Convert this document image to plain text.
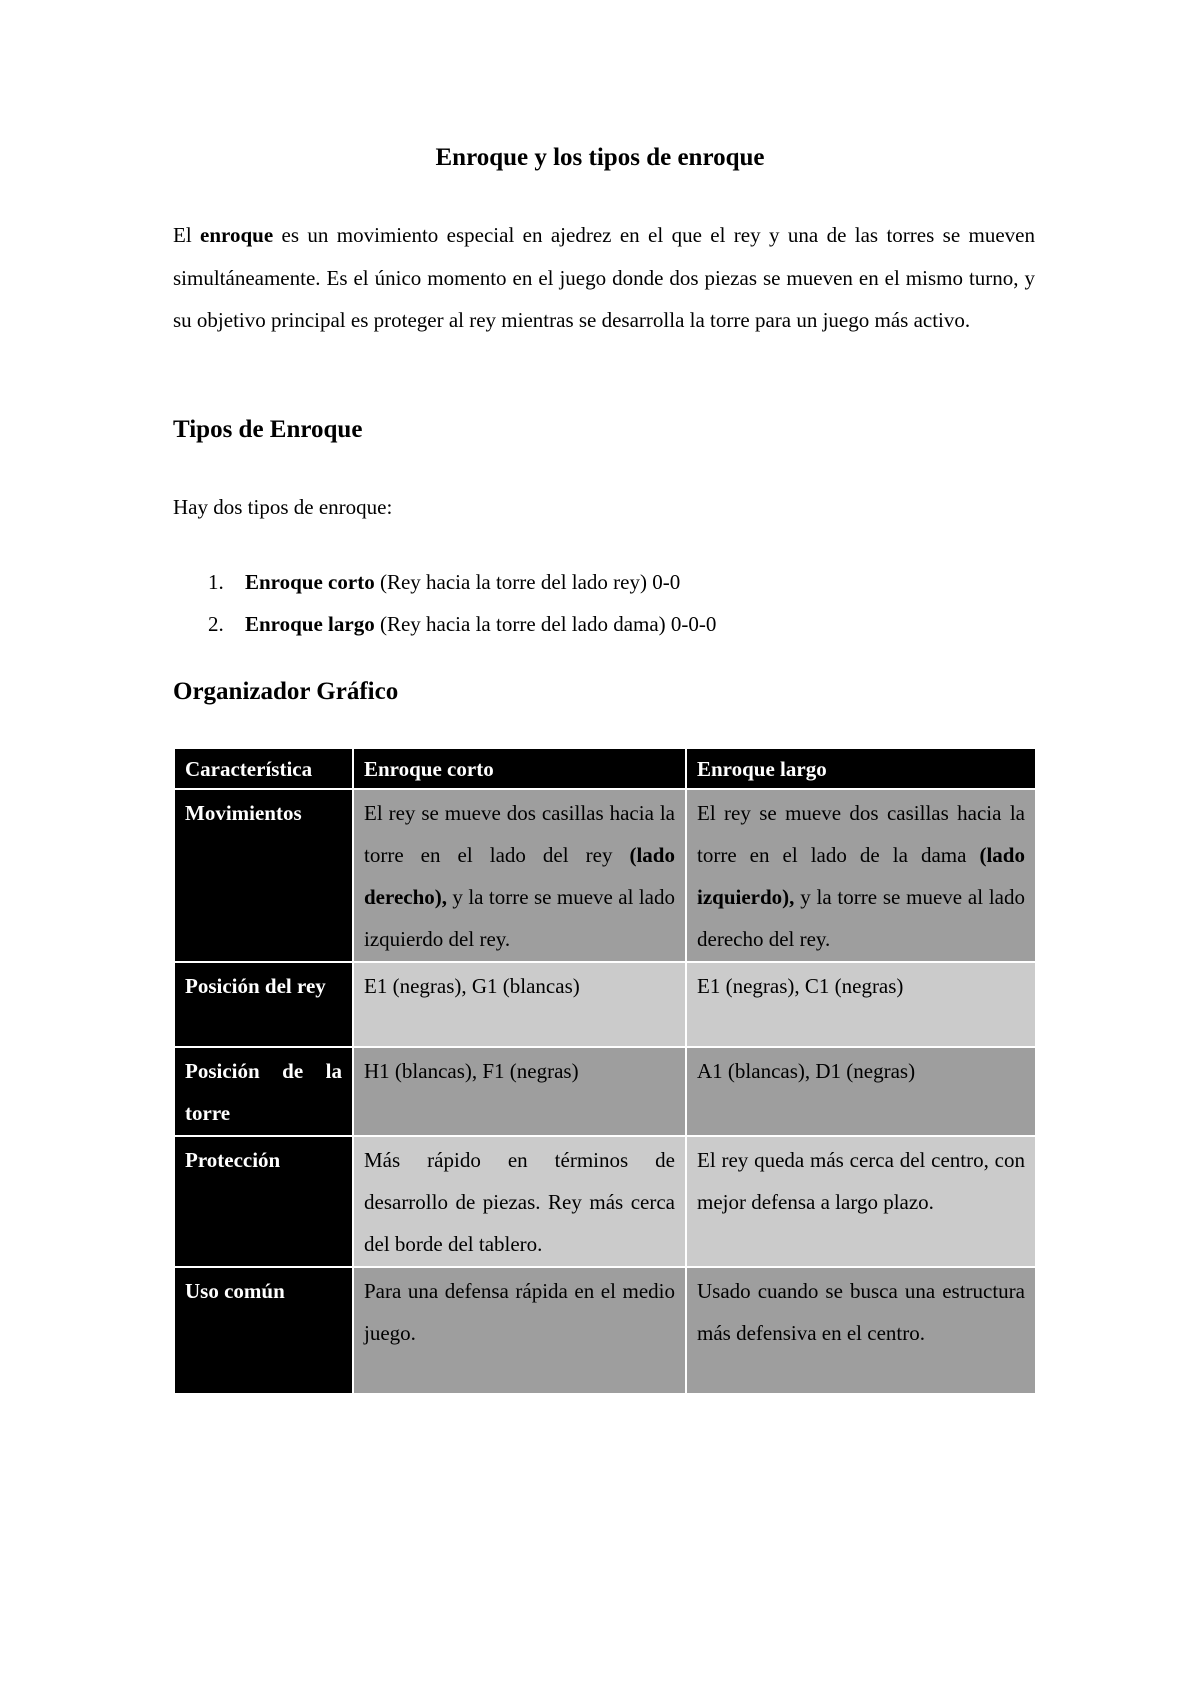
Enroque y los tipos de enroque

El enroque es un movimiento especial en ajedrez en el que el rey y una de las torres se mueven simultáneamente. Es el único momento en el juego donde dos piezas se mueven en el mismo turno, y su objetivo principal es proteger al rey mientras se desarrolla la torre para un juego más activo.

Tipos de Enroque

Hay dos tipos de enroque:

1. Enroque corto (Rey hacia la torre del lado rey) 0-0
2. Enroque largo (Rey hacia la torre del lado dama) 0-0-0
Organizador Gráfico
Característica	Enroque corto	Enroque largo
Movimientos	El rey se mueve dos casillas hacia la torre en el lado del rey (lado derecho), y la torre se mueve al lado izquierdo del rey.	El rey se mueve dos casillas hacia la torre en el lado de la dama (lado izquierdo), y la torre se mueve al lado derecho del rey.
Posición del rey	E1 (negras), G1 (blancas)	E1 (negras), C1 (negras)
Posición de la torre	H1 (blancas), F1 (negras)	A1 (blancas), D1 (negras)
Protección	Más rápido en términos de desarrollo de piezas. Rey más cerca del borde del tablero.	El rey queda más cerca del centro, con mejor defensa a largo plazo.
Uso común	Para una defensa rápida en el medio juego.	Usado cuando se busca una estructura más defensiva en el centro.
